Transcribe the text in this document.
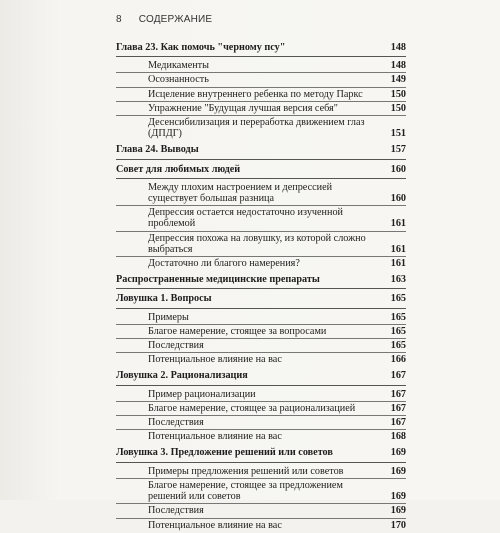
8 СОДЕРЖАНИЕ
Глава 23. Как помочь "черному псу"	148
Медикаменты	148
Осознанность	149
Исцеление внутреннего ребенка по методу Паркс	150
Упражнение "Будущая лучшая версия себя"	150
Десенсибилизация и переработка движением глаз (ДПДГ)	151
Глава 24. Выводы	157
Совет для любимых людей	160
Между плохим настроением и депрессией существует большая разница	160
Депрессия остается недостаточно изученной проблемой	161
Депрессия похожа на ловушку, из которой сложно выбраться	161
Достаточно ли благого намерения?	161
Распространенные медицинские препараты	163
Ловушка 1. Вопросы	165
Примеры	165
Благое намерение, стоящее за вопросами	165
Последствия	165
Потенциальное влияние на вас	166
Ловушка 2. Рационализация	167
Пример рационализации	167
Благое намерение, стоящее за рационализацией	167
Последствия	167
Потенциальное влияние на вас	168
Ловушка 3. Предложение решений или советов	169
Примеры предложения решений или советов	169
Благое намерение, стоящее за предложением решений или советов	169
Последствия	169
Потенциальное влияние на вас	170
